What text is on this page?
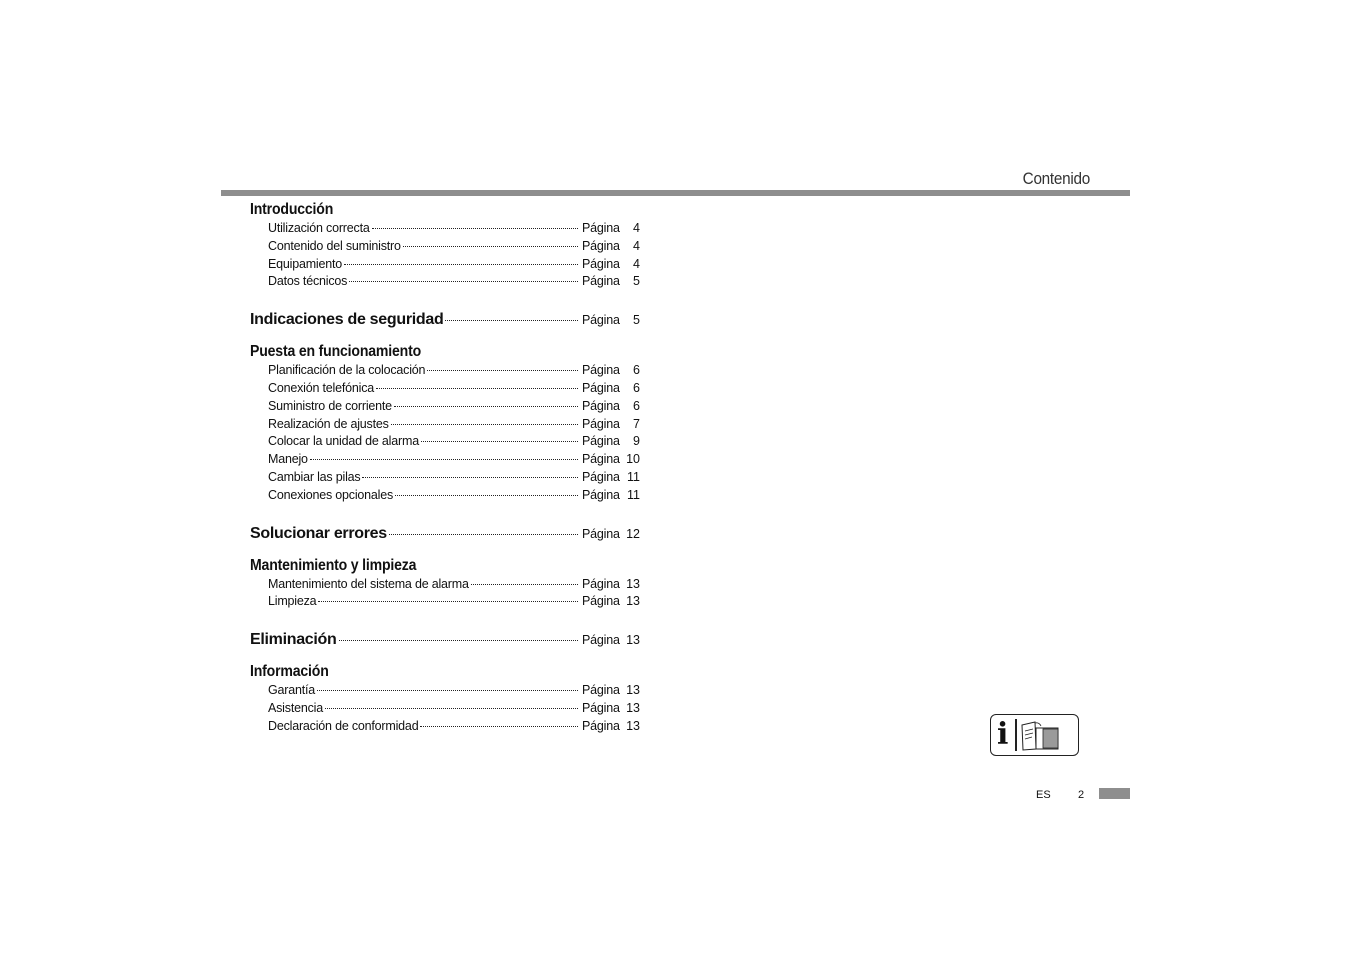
Contenido
Introducción
Utilización correcta	Página	4
Contenido del suministro	Página	4
Equipamiento	Página	4
Datos técnicos	Página	5
Indicaciones de seguridad	Página	5
Puesta en funcionamiento
Planificación de la colocación	Página	6
Conexión telefónica	Página	6
Suministro de corriente	Página	6
Realización de ajustes	Página	7
Colocar la unidad de alarma	Página	9
Manejo	Página 10
Cambiar las pilas	Página 11
Conexiones opcionales	Página 11
Solucionar errores	Página 12
Mantenimiento y limpieza
Mantenimiento del sistema de alarma	Página 13
Limpieza	Página 13
Eliminación	Página 13
Información
Garantía	Página 13
Asistencia	Página 13
Declaración de conformidad	Página 13	i
ES 2
